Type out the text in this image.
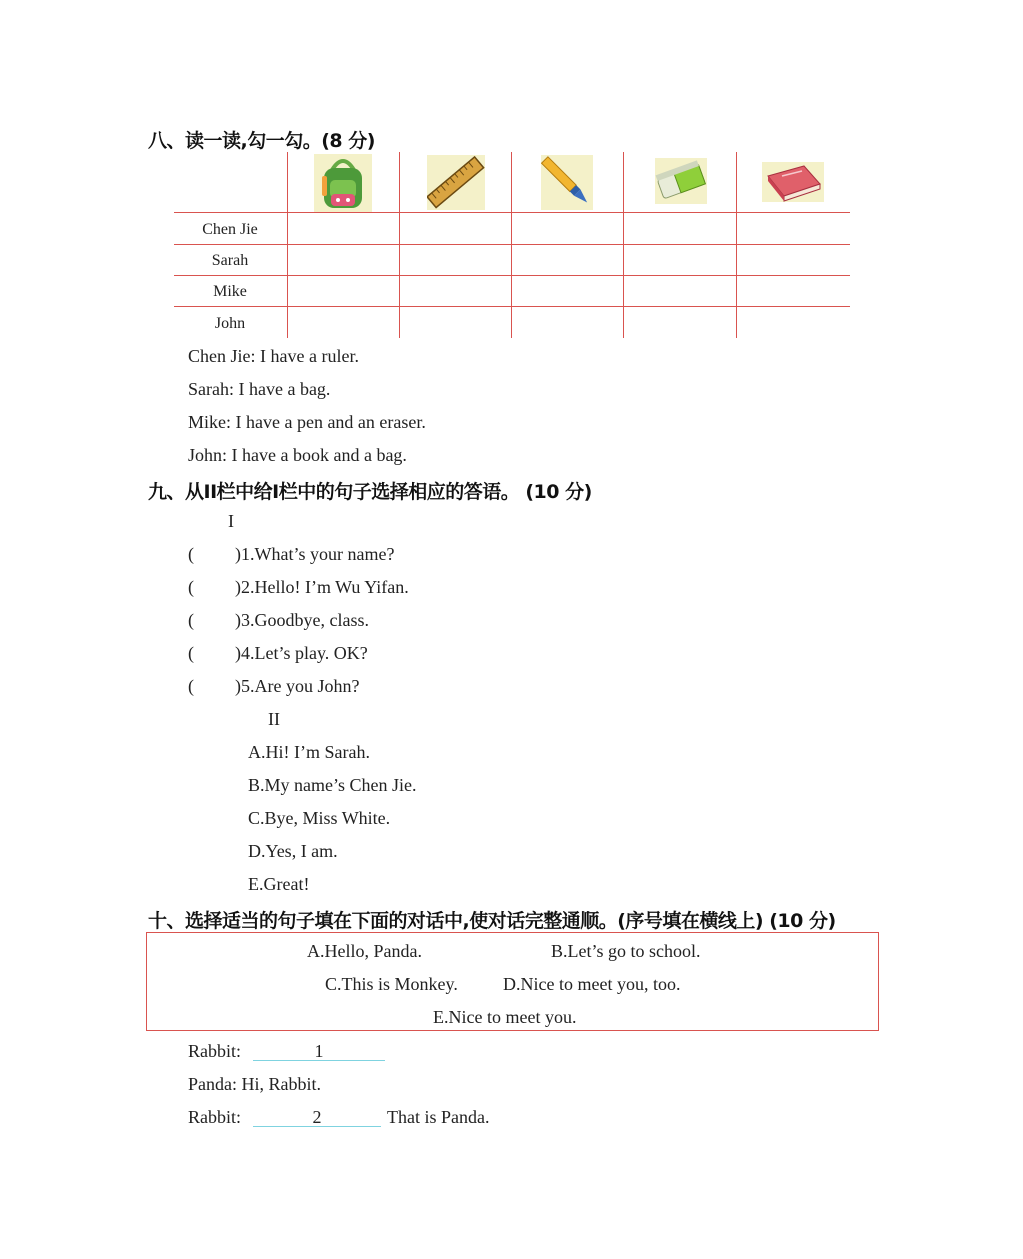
八、读一读,勾一勾。(8 分)
Chen Jie
Sarah
Mike
John
Chen Jie: I have a ruler.
Sarah: I have a bag.
Mike: I have a pen and an eraser.
John: I have a book and a bag.
九、从II栏中给I栏中的句子选择相应的答语。 (10 分)
I
( )1.What’s your name?
( )2.Hello! I’m Wu Yifan.
( )3.Goodbye, class.
( )4.Let’s play. OK?
( )5.Are you John?
II
A.Hi! I’m Sarah.
B.My name’s Chen Jie.
C.Bye, Miss White.
D.Yes, I am.
E.Great!
十、选择适当的句子填在下面的对话中,使对话完整通顺。(序号填在横线上) (10 分)
A.Hello, Panda.	B.Let’s go to school.
C.This is Monkey.	D.Nice to meet you, too.
E.Nice to meet you.
Rabbit:	1
Panda: Hi, Rabbit.
Rabbit:	2	That is Panda.
